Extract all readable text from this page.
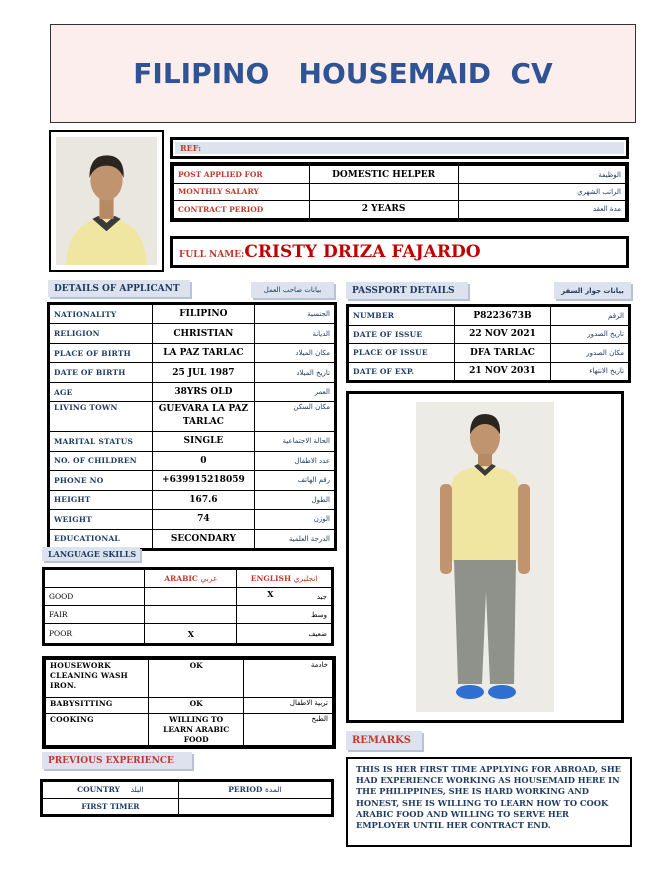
FILIPINO   HOUSEMAID  CV
REF:
POST APPLIED FOR	DOMESTIC HELPER	الوظيفة
MONTHLY SALARY		الراتب الشهري
CONTRACT PERIOD	2 YEARS	مدة العقد
FULL NAME: CRISTY DRIZA FAJARDO
DETAILS OF APPLICANT	بيانات صاحب العمل
NATIONALITY	FILIPINO	الجنسية
RELIGION	CHRISTIAN	الديانة
PLACE OF BIRTH	LA PAZ TARLAC	مكان الميلاد
DATE OF BIRTH	25 JUL 1987	تاريخ الميلاد
AGE	38YRS OLD	العمر
LIVING TOWN	GUEVARA LA PAZ TARLAC	مكان السكن
MARITAL STATUS	SINGLE	الحالة الاجتماعية
NO. OF CHILDREN	0	عدد الاطفال
PHONE NO	+639915218059	رقم الهاتف
HEIGHT	167.6	الطول
WEIGHT	74	الوزن
EDUCATIONAL	SECONDARY	الدرجة العلمية
PASSPORT DETAILS	بيانات جواز السفر
NUMBER	P8223673B	الرقم
DATE OF ISSUE	22 NOV 2021	تاريخ الصدور
PLACE OF ISSUE	DFA TARLAC	مكان الصدور
DATE OF EXP.	21 NOV 2031	تاريخ الانتهاء
LANGUAGE SKILLS
	ARABIC عربي	ENGLISH انجليزي
GOOD		X جيد

FAIR		وسط

POOR	X	ضعيف
HOUSEWORK CLEANING WASH IRON.	OK	خادمة
BABYSITTING	OK	تربية الاطفال
COOKING	WILLING TO LEARN ARABIC FOOD	الطبخ
PREVIOUS EXPERIENCE
COUNTRY البلد	PERIOD المدة
FIRST TIMER	
REMARKS
THIS IS HER FIRST TIME APPLYING FOR ABROAD, SHE HAD EXPERIENCE WORKING AS HOUSEMAID HERE IN THE PHILIPPINES, SHE IS HARD WORKING AND HONEST, SHE IS WILLING TO LEARN HOW TO COOK ARABIC FOOD AND WILLING TO SERVE HER EMPLOYER UNTIL HER CONTRACT END.
